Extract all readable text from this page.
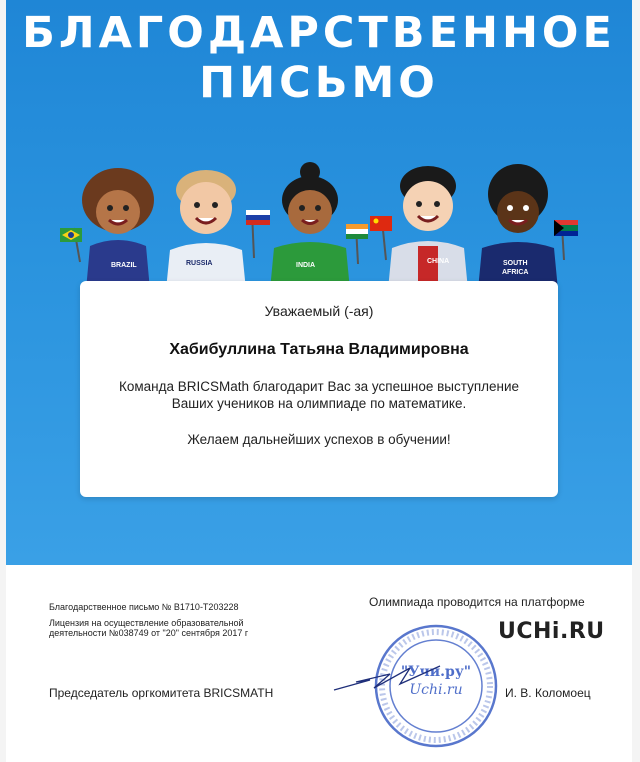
БЛАГОДАРСТВЕННОЕ
ПИСЬМО
BRAZIL	RUSSIA	INDIA
CHINA	SOUTH
AFRICA
Уважаемый (-ая)
Хабибуллина Татьяна Владимировна
Команда BRICSMath благодарит Вас за успешное выступление
Ваших учеников на олимпиаде по математике.
Желаем дальнейших успехов в обучении!
Благодарственное письмо № B1710-T203228
Лицензия на осуществление образовательной
деятельности №038749 от "20" сентября 2017 г
Олимпиада проводится на платформе
UCHi.RU
"Учи.ру"
Uchi.ru
Председатель оргкомитета BRICSMATH	И. В. Коломоец
